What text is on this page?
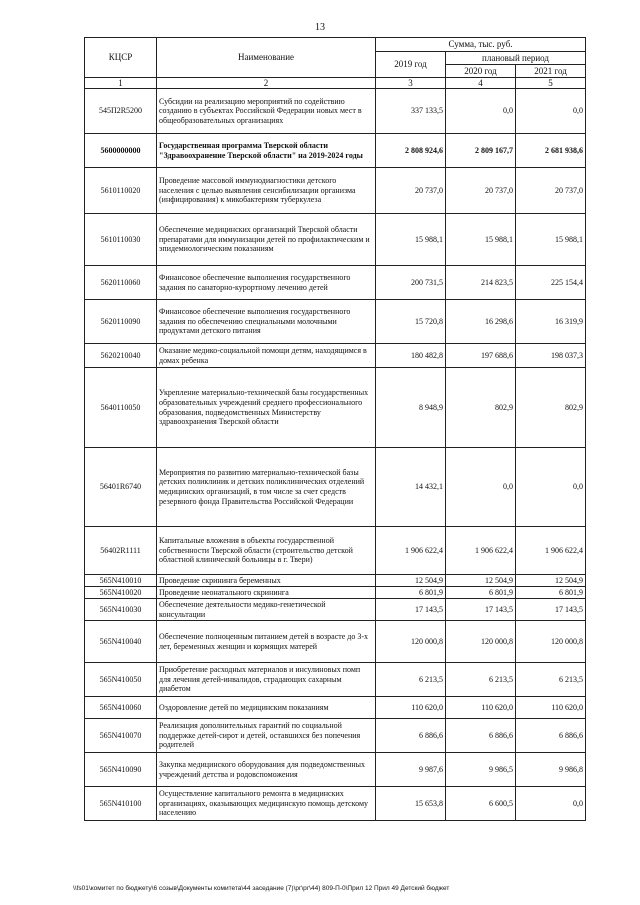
13
КЦСР	Наименование	Сумма, тыс. руб.		
		2019 год	плановый период	
			2020 год	2021 год
1	2	3	4	5
545П2R5200	Субсидии на реализацию мероприятий по содействию созданию в субъектах Российской Федерации новых мест в общеобразовательных организациях	337 133,5	0,0	0,0
5600000000	Государственная программа Тверской области "Здравоохранение Тверской области" на 2019-2024 годы	2 808 924,6	2 809 167,7	2 681 938,6
5610110020	Проведение массовой иммунодиагностики детского населения с целью выявления сенсибилизации организма (инфицирования) к микобактериям туберкулеза	20 737,0	20 737,0	20 737,0
5610110030	Обеспечение медицинских организаций Тверской области препаратами для иммунизации детей по профилактическим и эпидемиологическим показаниям	15 988,1	15 988,1	15 988,1
5620110060	Финансовое обеспечение выполнения государственного задания по санаторно-курортному лечению детей	200 731,5	214 823,5	225 154,4
5620110090	Финансовое обеспечение выполнения государственного задания по обеспечению специальными молочными продуктами детского питания	15 720,8	16 298,6	16 319,9
5620210040	Оказание медико-социальной помощи детям, находящимся в домах ребенка	180 482,8	197 688,6	198 037,3
5640110050	Укрепление материально-технической базы государственных образовательных учреждений среднего профессионального образования, подведомственных Министерству здравоохранения Тверской области	8 948,9	802,9	802,9
56401R6740	Мероприятия по развитию материально-технической базы детских поликлиник и детских поликлинических отделений медицинских организаций, в том числе за счет средств резервного фонда Правительства Российской Федерации	14 432,1	0,0	0,0
56402R1111	Капитальные вложения в объекты государственной собственности Тверской области (строительство детской областной клинической больницы в г. Твери)	1 906 622,4	1 906 622,4	1 906 622,4
565N410010	Проведение скрининга беременных	12 504,9	12 504,9	12 504,9
565N410020	Проведение неонатального скрининга	6 801,9	6 801,9	6 801,9
565N410030	Обеспечение деятельности медико-генетической консультации	17 143,5	17 143,5	17 143,5
565N410040	Обеспечение полноценным питанием детей в возрасте до 3-х лет, беременных женщин и кормящих матерей	120 000,8	120 000,8	120 000,8
565N410050	Приобретение расходных материалов и инсулиновых помп для лечения детей-инвалидов, страдающих сахарным диабетом	6 213,5	6 213,5	6 213,5
565N410060	Оздоровление детей по медицинским показаниям	110 620,0	110 620,0	110 620,0
565N410070	Реализация дополнительных гарантий по социальной поддержке детей-сирот и детей, оставшихся без попечения родителей	6 886,6	6 886,6	6 886,6
565N410090	Закупка медицинского оборудования для подведомственных учреждений детства и родовспоможения	9 987,6	9 986,5	9 986,8
565N410100	Осуществление капитального ремонта в медицинских организациях, оказывающих медицинскую помощь детскому населению	15 653,8	6 600,5	0,0
\\fs01\комитет по бюджету\6 созыв\Документы комитета\44 заседание (7)\рг\рг\44) 809-П-0\Прил 12 Прил 49 Детский бюджет
